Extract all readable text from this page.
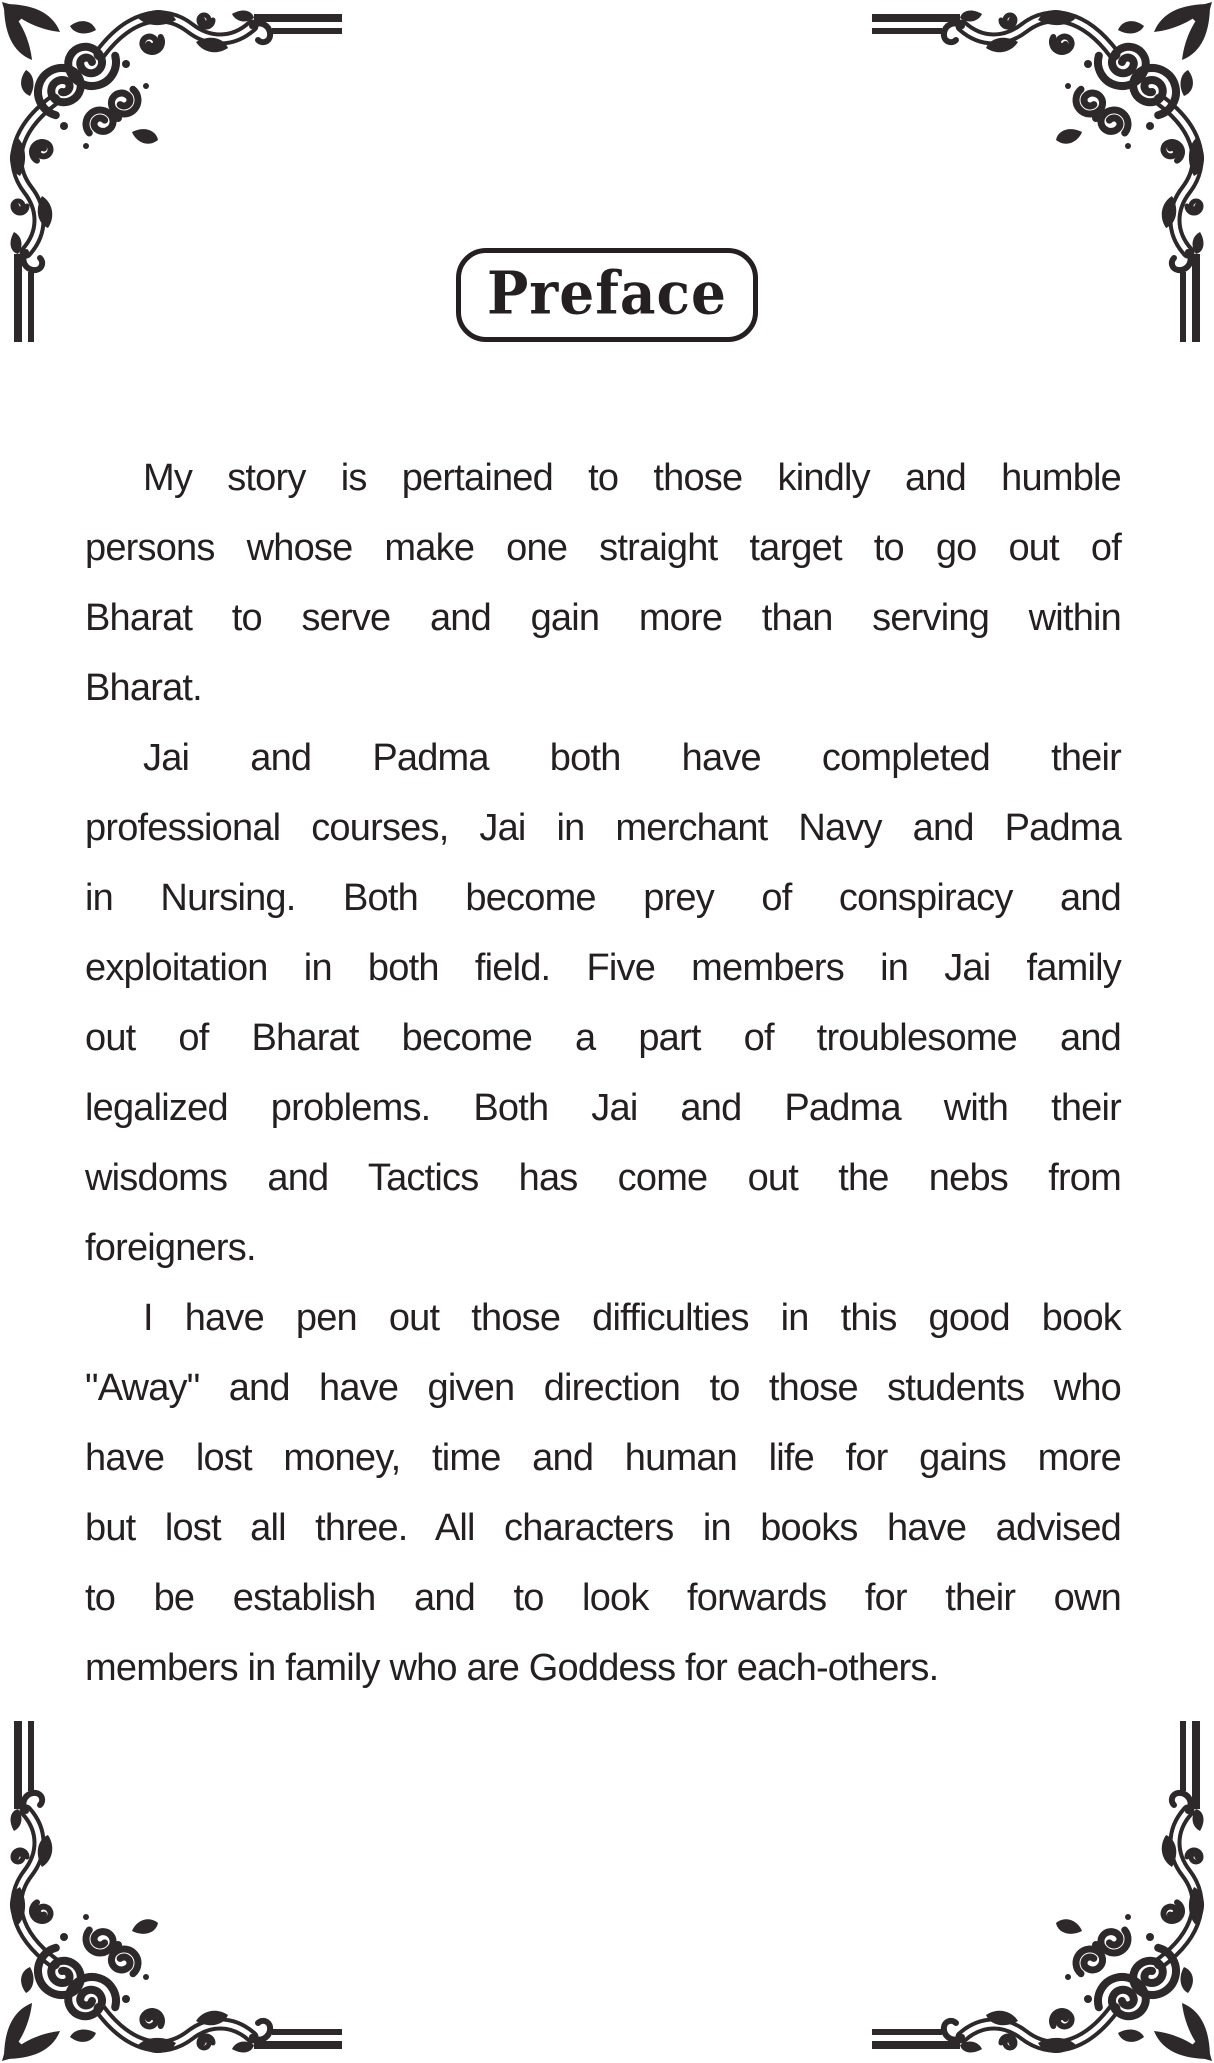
Preface
My story is pertained to those kindly and humble
persons whose make one straight target to go out of
Bharat to serve and gain more than serving within
Bharat.
Jai and Padma both have completed their
professional courses, Jai in merchant Navy and Padma
in Nursing. Both become prey of conspiracy and
exploitation in both field. Five members in Jai family
out of Bharat become a part of troublesome and
legalized problems. Both Jai and Padma with their
wisdoms and Tactics has come out the nebs from
foreigners.
I have pen out those difficulties in this good book
"Away" and have given direction to those students who
have lost money, time and human life for gains more
but lost all three. All characters in books have advised
to be establish and to look forwards for their own
members in family who are Goddess for each-others.
